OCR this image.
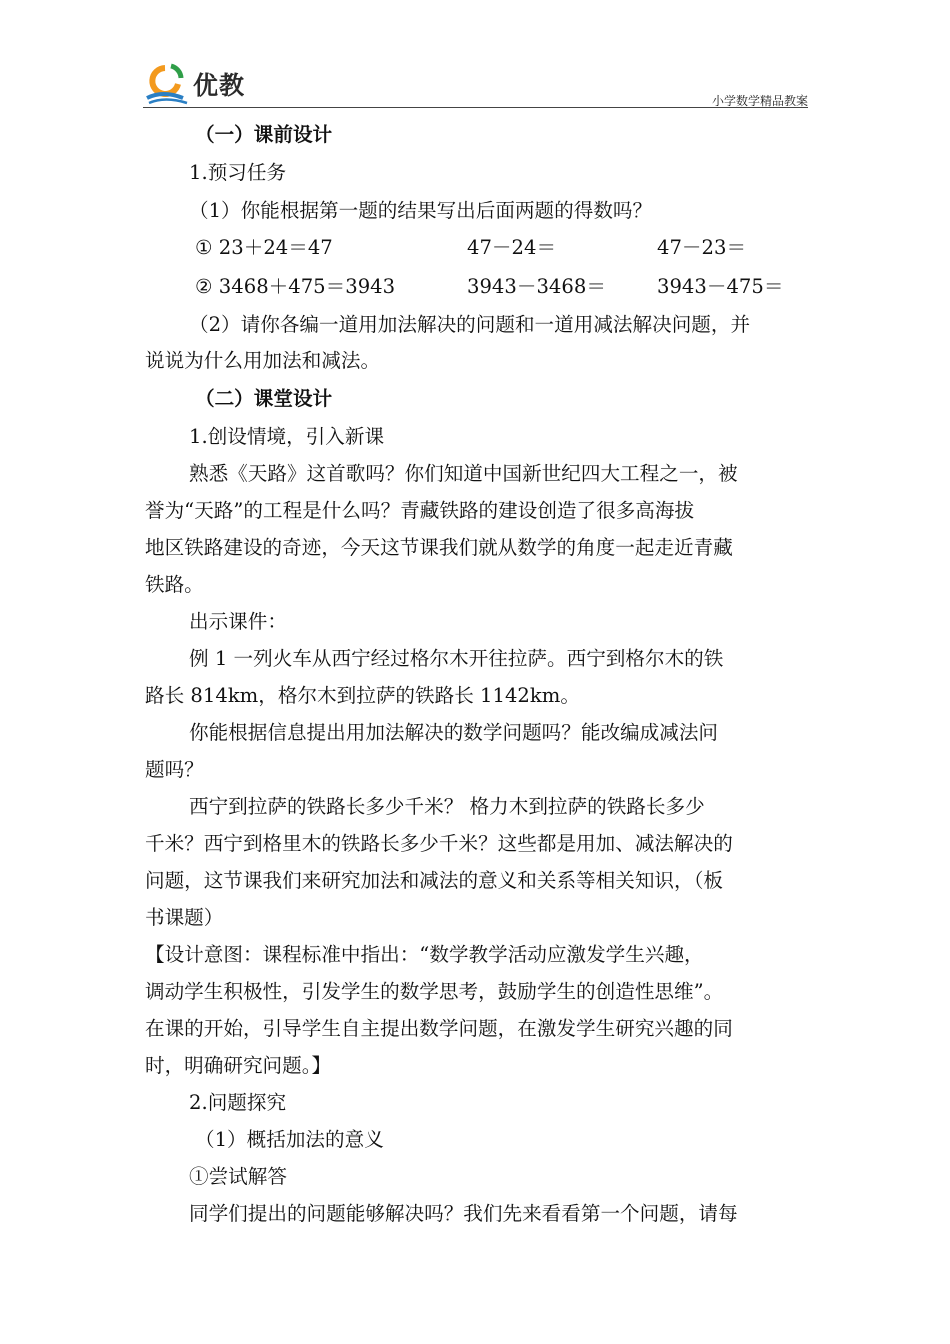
优教
小学数学精品教案
（一）课前设计
1.预习任务
（1）你能根据第一题的结果写出后面两题的得数吗？
① 23＋24＝47	47－24＝	47－23＝
② 3468＋475＝3943	3943－3468＝	3943－475＝
（2）请你各编一道用加法解决的问题和一道用减法解决问题，并
说说为什么用加法和减法。
（二）课堂设计
1.创设情境，引入新课
熟悉《天路》这首歌吗？你们知道中国新世纪四大工程之一，被
誉为“天路”的工程是什么吗？青藏铁路的建设创造了很多高海拔
地区铁路建设的奇迹，今天这节课我们就从数学的角度一起走近青藏
铁路。
出示课件：
例 1 一列火车从西宁经过格尔木开往拉萨。西宁到格尔木的铁
路长 814km，格尔木到拉萨的铁路长 1142km。
你能根据信息提出用加法解决的数学问题吗？能改编成减法问
题吗？
西宁到拉萨的铁路长多少千米？ 格力木到拉萨的铁路长多少
千米？西宁到格里木的铁路长多少千米？这些都是用加、减法解决的
问题，这节课我们来研究加法和减法的意义和关系等相关知识，（板
书课题）
【设计意图：课程标准中指出：“数学教学活动应激发学生兴趣，
调动学生积极性，引发学生的数学思考，鼓励学生的创造性思维”。
在课的开始，引导学生自主提出数学问题，在激发学生研究兴趣的同
时，明确研究问题。】
2.问题探究
（1）概括加法的意义
①尝试解答
同学们提出的问题能够解决吗？我们先来看看第一个问题，请每
